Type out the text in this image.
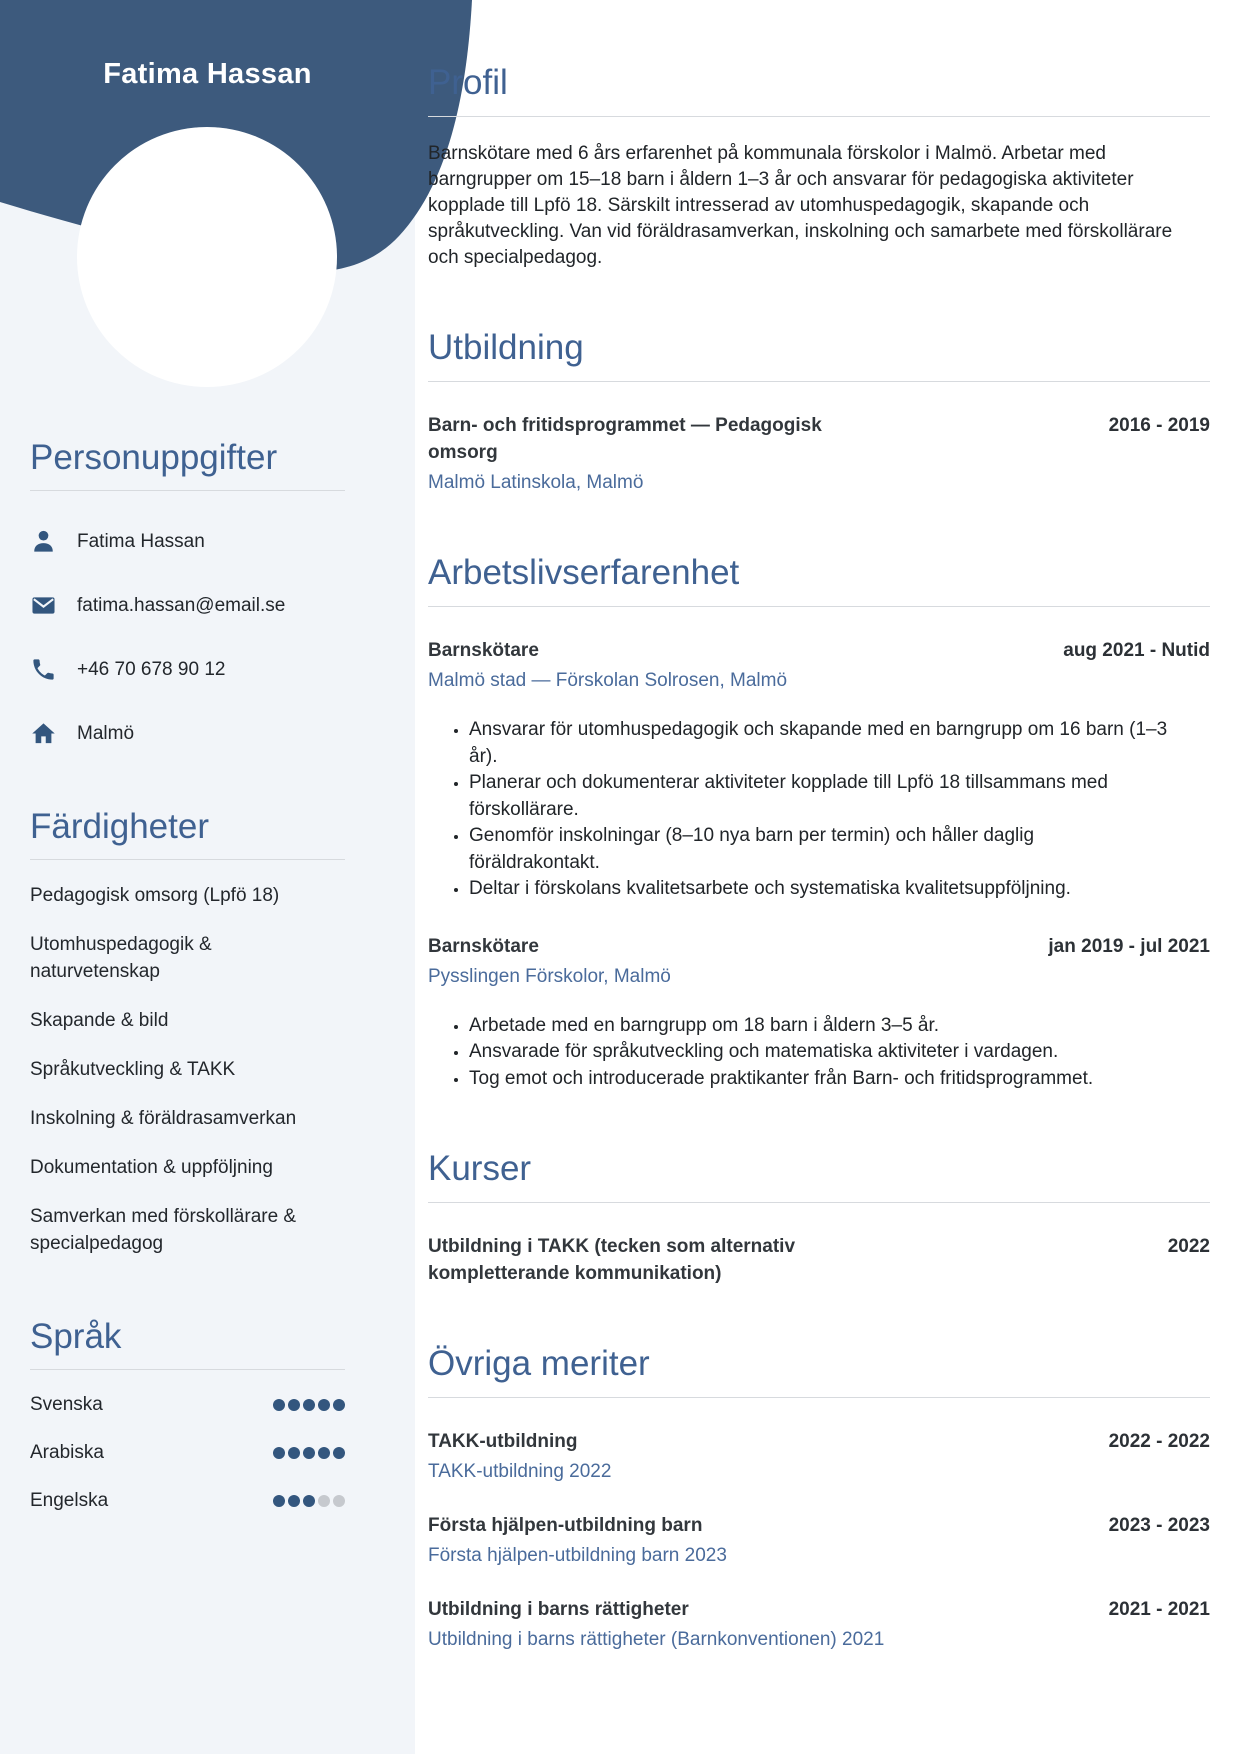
Fatima Hassan
Personuppgifter
Fatima Hassan
fatima.hassan@email.se
+46 70 678 90 12
Malmö
Färdigheter
Pedagogisk omsorg (Lpfö 18)
Utomhuspedagogik & naturvetenskap
Skapande & bild
Språkutveckling & TAKK
Inskolning & föräldrasamverkan
Dokumentation & uppföljning
Samverkan med förskollärare & specialpedagog
Språk
Svenska
Arabiska
Engelska
Profil
Barnskötare med 6 års erfarenhet på kommunala förskolor i Malmö. Arbetar med barngrupper om 15–18 barn i åldern 1–3 år och ansvarar för pedagogiska aktiviteter kopplade till Lpfö 18. Särskilt intresserad av utomhuspedagogik, skapande och språkutveckling. Van vid föräldrasamverkan, inskolning och samarbete med förskollärare och specialpedagog.
Utbildning
Barn- och fritidsprogrammet — Pedagogisk omsorg
Malmö Latinskola, Malmö
2016 - 2019
Arbetslivserfarenhet
Barnskötare
Malmö stad — Förskolan Solrosen, Malmö
aug 2021 - Nutid
• Ansvarar för utomhuspedagogik och skapande med en barngrupp om 16 barn (1–3 år).
• Planerar och dokumenterar aktiviteter kopplade till Lpfö 18 tillsammans med förskollärare.
• Genomför inskolningar (8–10 nya barn per termin) och håller daglig föräldrakontakt.
• Deltar i förskolans kvalitetsarbete och systematiska kvalitetsuppföljning.
Barnskötare
Pysslingen Förskolor, Malmö
jan 2019 - jul 2021
• Arbetade med en barngrupp om 18 barn i åldern 3–5 år.
• Ansvarade för språkutveckling och matematiska aktiviteter i vardagen.
• Tog emot och introducerade praktikanter från Barn- och fritidsprogrammet.
Kurser
Utbildning i TAKK (tecken som alternativ kompletterande kommunikation)
2022
Övriga meriter
TAKK-utbildning
TAKK-utbildning 2022
2022 - 2022
Första hjälpen-utbildning barn
Första hjälpen-utbildning barn 2023
2023 - 2023
Utbildning i barns rättigheter
Utbildning i barns rättigheter (Barnkonventionen) 2021
2021 - 2021
